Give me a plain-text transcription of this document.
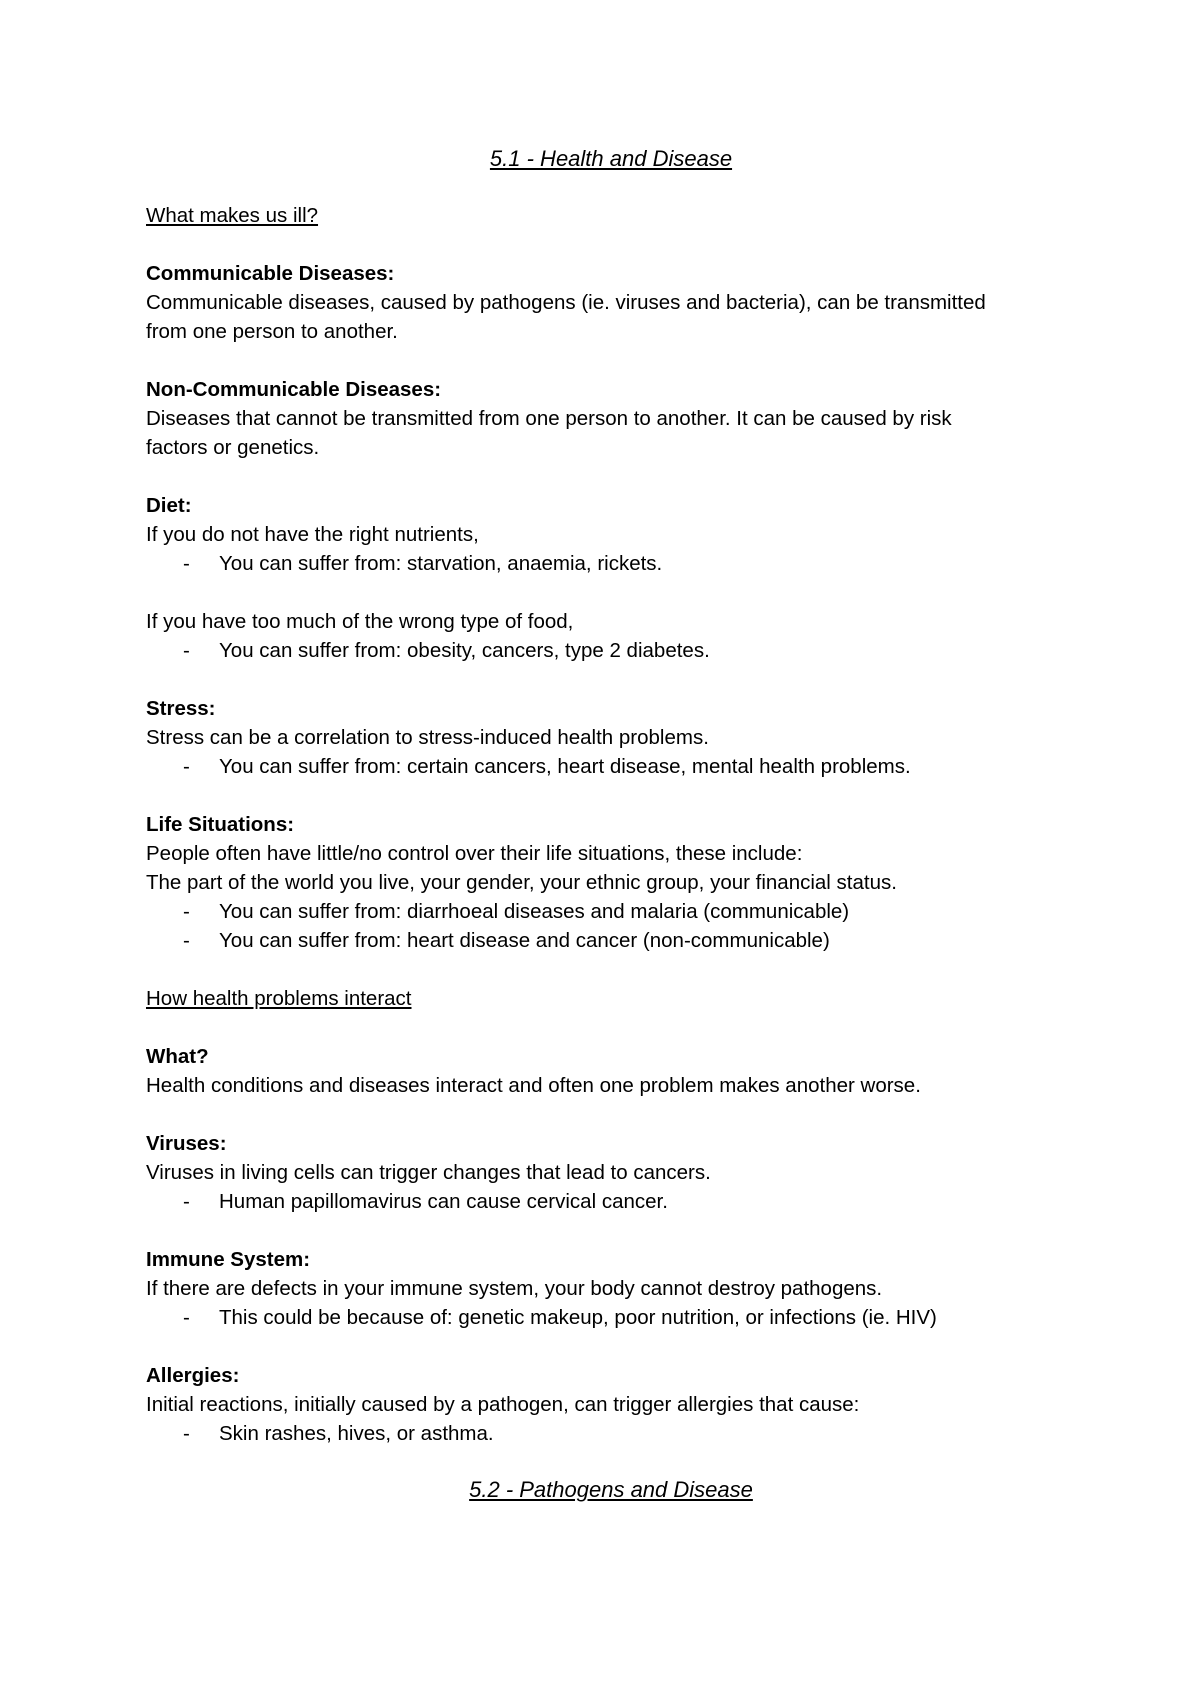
5.1 - Health and Disease
What makes us ill?
Communicable Diseases:
Communicable diseases, caused by pathogens (ie. viruses and bacteria), can be transmitted
from one person to another.
Non-Communicable Diseases:
Diseases that cannot be transmitted from one person to another. It can be caused by risk
factors or genetics.
Diet:
If you do not have the right nutrients,
- You can suffer from: starvation, anaemia, rickets.
If you have too much of the wrong type of food,
- You can suffer from: obesity, cancers, type 2 diabetes.
Stress:
Stress can be a correlation to stress-induced health problems.
- You can suffer from: certain cancers, heart disease, mental health problems.
Life Situations:
People often have little/no control over their life situations, these include:
The part of the world you live, your gender, your ethnic group, your financial status.
- You can suffer from: diarrhoeal diseases and malaria (communicable)
- You can suffer from: heart disease and cancer (non-communicable)
How health problems interact
What?
Health conditions and diseases interact and often one problem makes another worse.
Viruses:
Viruses in living cells can trigger changes that lead to cancers.
- Human papillomavirus can cause cervical cancer.
Immune System:
If there are defects in your immune system, your body cannot destroy pathogens.
- This could be because of: genetic makeup, poor nutrition, or infections (ie. HIV)
Allergies:
Initial reactions, initially caused by a pathogen, can trigger allergies that cause:
- Skin rashes, hives, or asthma.
5.2 - Pathogens and Disease
